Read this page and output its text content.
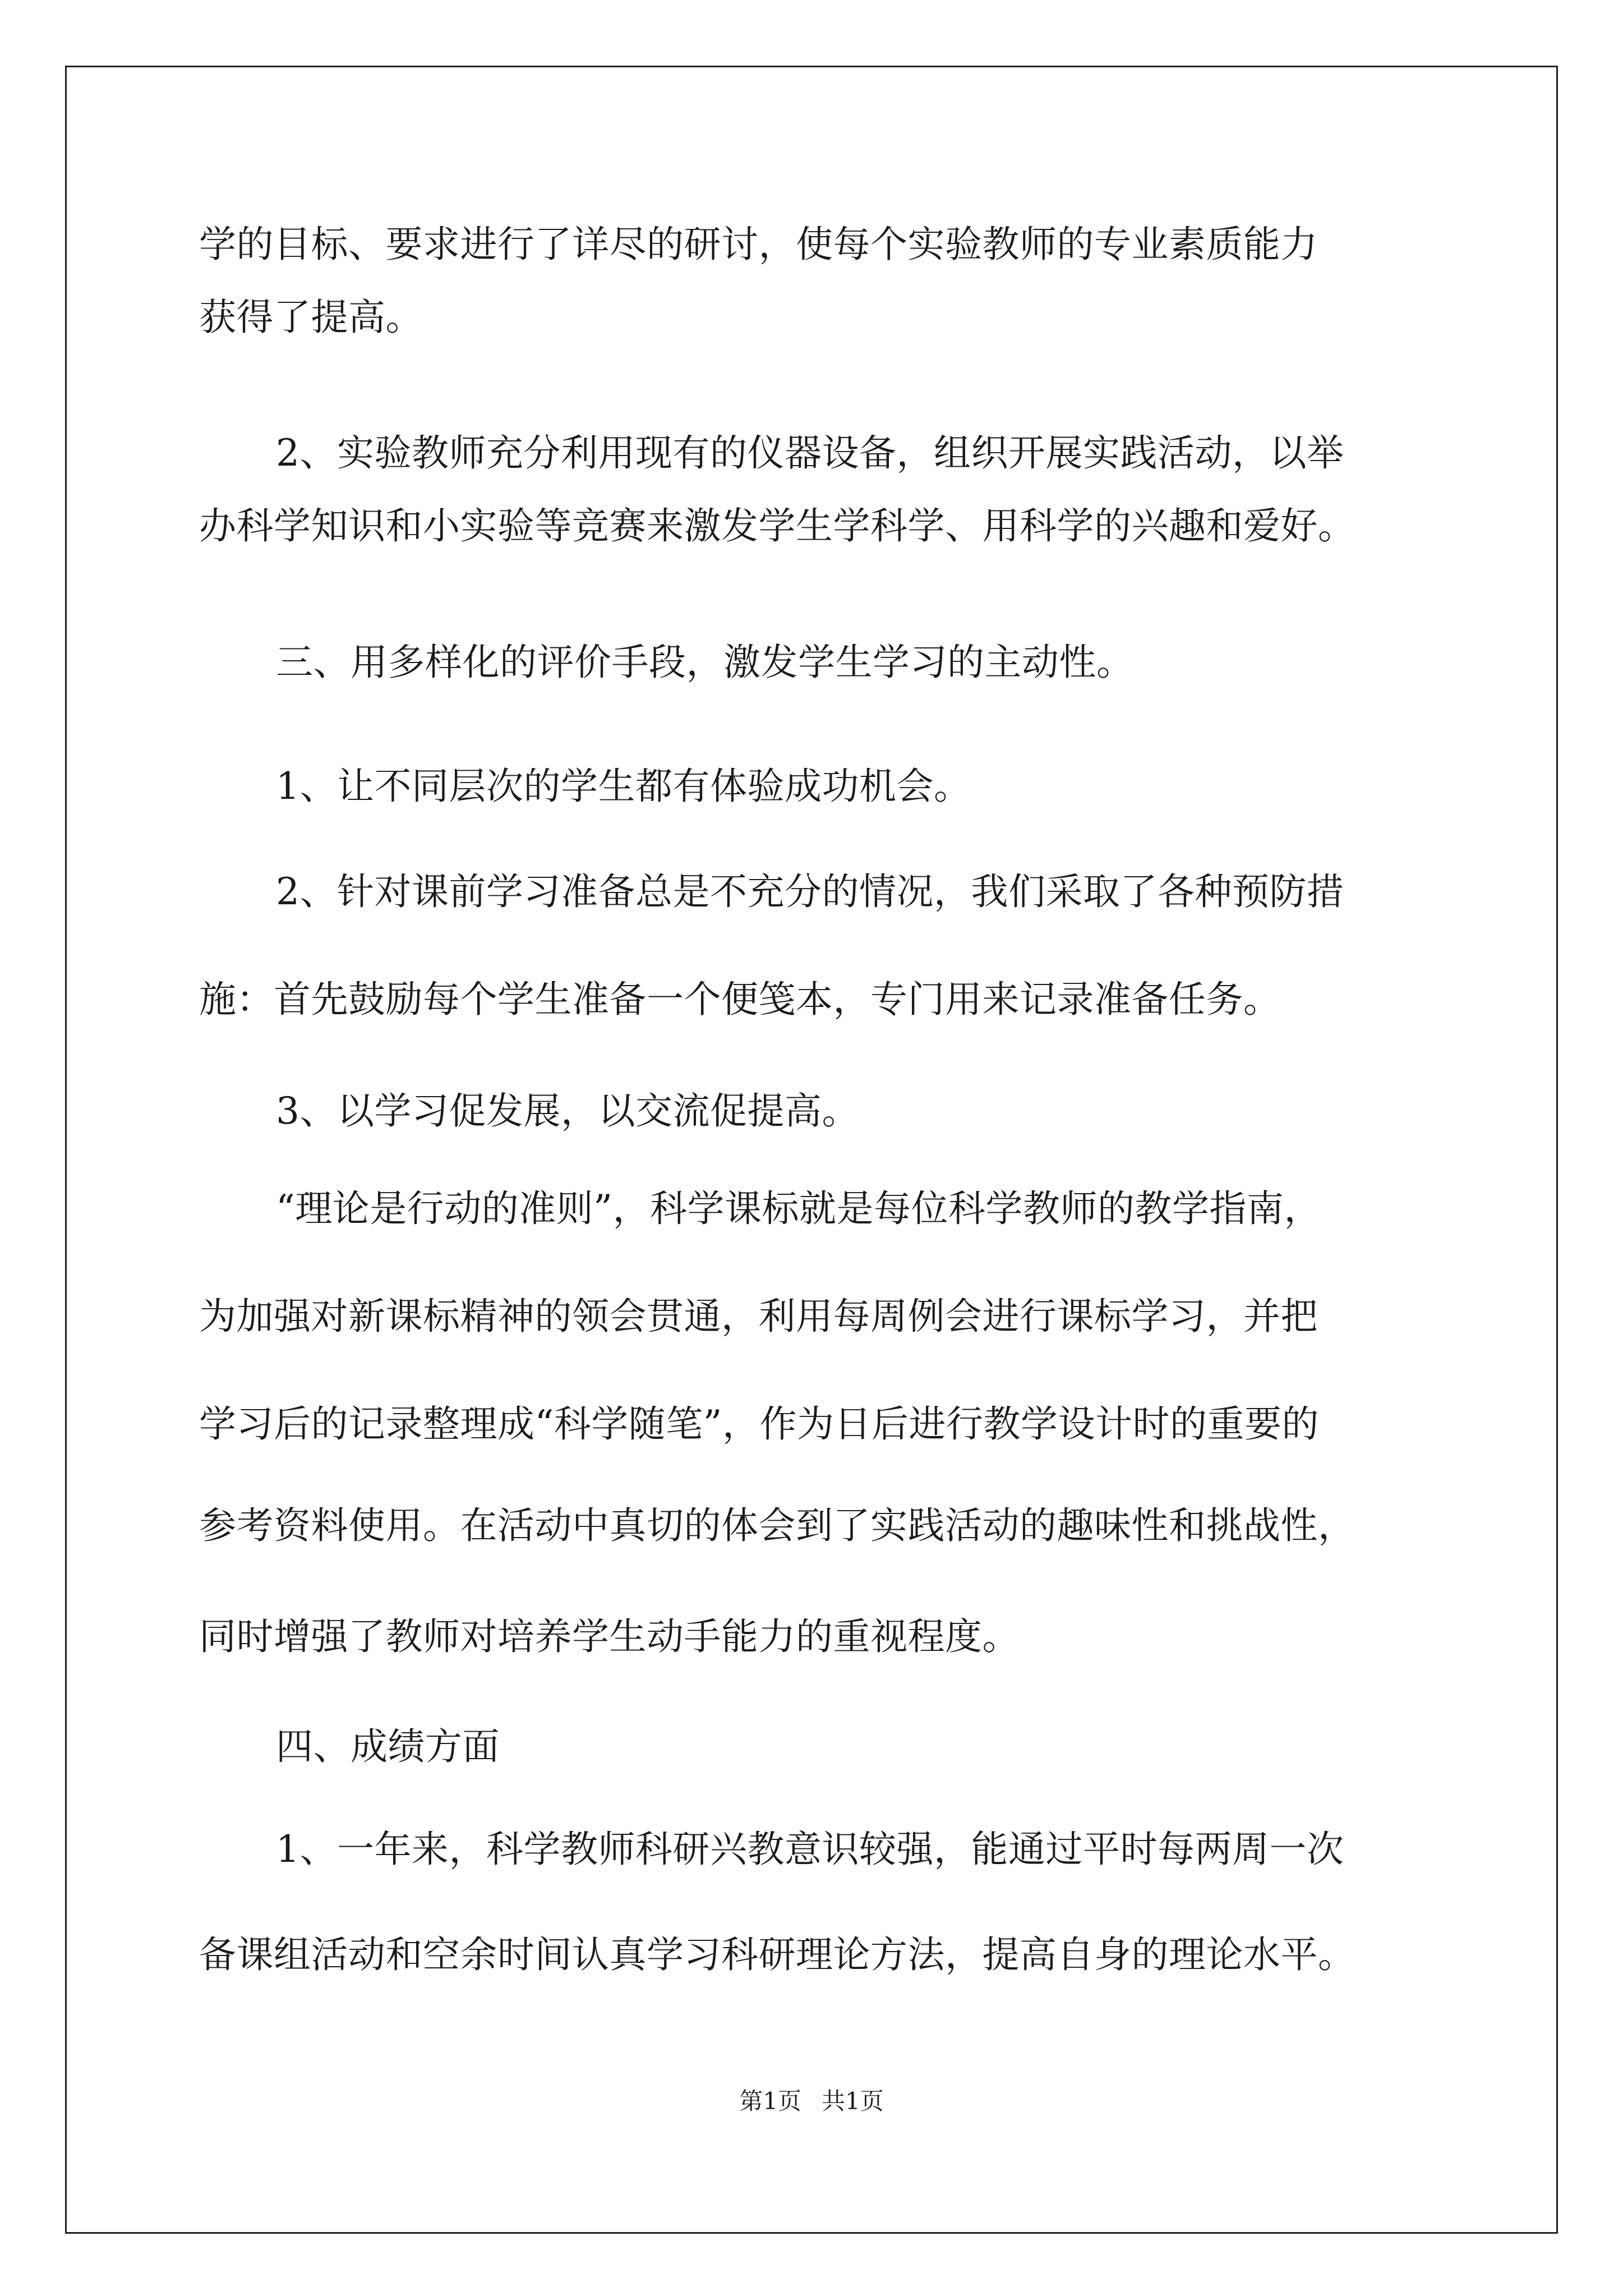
学的目标、要求进行了详尽的研讨，使每个实验教师的专业素质能力

获得了提高。

2、实验教师充分利用现有的仪器设备，组织开展实践活动，以举

办科学知识和小实验等竞赛来激发学生学科学、用科学的兴趣和爱好。

三、用多样化的评价手段，激发学生学习的主动性。

1、让不同层次的学生都有体验成功机会。

2、针对课前学习准备总是不充分的情况，我们采取了各种预防措

施：首先鼓励每个学生准备一个便笺本，专门用来记录准备任务。

3、以学习促发展，以交流促提高。

“理论是行动的准则”，科学课标就是每位科学教师的教学指南，

为加强对新课标精神的领会贯通，利用每周例会进行课标学习，并把

学习后的记录整理成“科学随笔”，作为日后进行教学设计时的重要的

参考资料使用。在活动中真切的体会到了实践活动的趣味性和挑战性，

同时增强了教师对培养学生动手能力的重视程度。

四、成绩方面

1、一年来，科学教师科研兴教意识较强，能通过平时每两周一次

备课组活动和空余时间认真学习科研理论方法，提高自身的理论水平。

第1页 共1页
